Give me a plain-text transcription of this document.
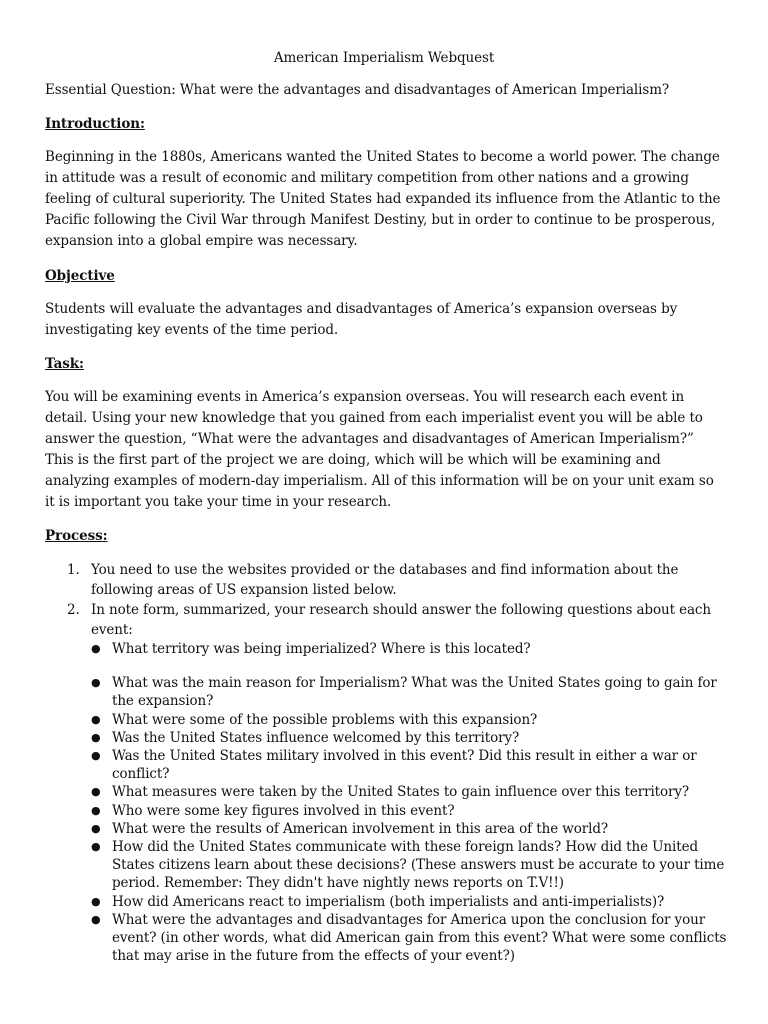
American Imperialism Webquest
Essential Question: What were the advantages and disadvantages of American Imperialism?
Introduction:
Beginning in the 1880s, Americans wanted the United States to become a world power. The change in attitude was a result of economic and military competition from other nations and a growing feeling of cultural superiority. The United States had expanded its influence from the Atlantic to the Pacific following the Civil War through Manifest Destiny, but in order to continue to be prosperous, expansion into a global empire was necessary.
Objective
Students will evaluate the advantages and disadvantages of America’s expansion overseas by investigating key events of the time period.
Task:
You will be examining events in America’s expansion overseas. You will research each event in detail. Using your new knowledge that you gained from each imperialist event you will be able to answer the question, “What were the advantages and disadvantages of American Imperialism?” This is the first part of the project we are doing, which will be which will be examining and analyzing examples of modern-day imperialism. All of this information will be on your unit exam so it is important you take your time in your research.
Process:
1. You need to use the websites provided or the databases and find information about the following areas of US expansion listed below.
2. In note form, summarized, your research should answer the following questions about each event:
● What territory was being imperialized? Where is this located?
● What was the main reason for Imperialism? What was the United States going to gain for the expansion?
● What were some of the possible problems with this expansion?
● Was the United States influence welcomed by this territory?
● Was the United States military involved in this event? Did this result in either a war or conflict?
● What measures were taken by the United States to gain influence over this territory?
● Who were some key figures involved in this event?
● What were the results of American involvement in this area of the world?
● How did the United States communicate with these foreign lands? How did the United States citizens learn about these decisions? (These answers must be accurate to your time period. Remember: They didn't have nightly news reports on T.V!!)
● How did Americans react to imperialism (both imperialists and anti-imperialists)?
● What were the advantages and disadvantages for America upon the conclusion for your event? (in other words, what did American gain from this event? What were some conflicts that may arise in the future from the effects of your event?)
